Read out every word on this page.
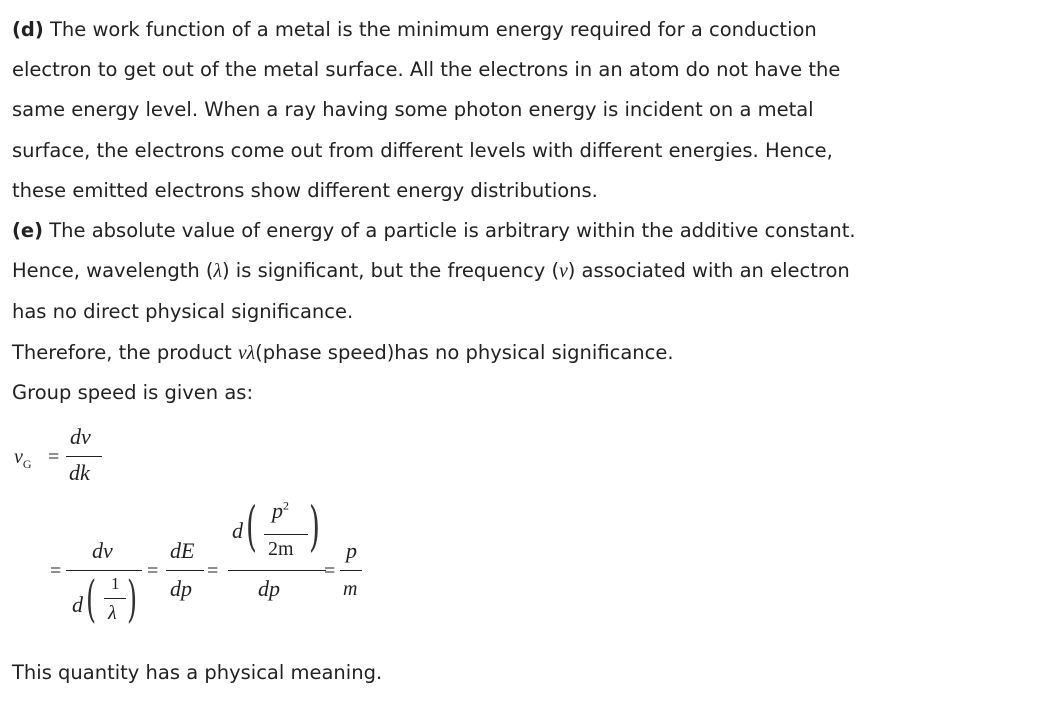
(d) The work function of a metal is the minimum energy required for a conduction
electron to get out of the metal surface. All the electrons in an atom do not have the
same energy level. When a ray having some photon energy is incident on a metal
surface, the electrons come out from different levels with different energies. Hence,
these emitted electrons show different energy distributions.
(e) The absolute value of energy of a particle is arbitrary within the additive constant.
Hence, wavelength (λ) is significant, but the frequency (ν) associated with an electron
has no direct physical significance.
Therefore, the product νλ(phase speed)has no physical significance.
Group speed is given as:
$v_G$ =
dv
dk
=
dv
d ( 1
λ )
=
dE
dp
=
d ( $p^2$
2m )
dp
=
p
m
This quantity has a physical meaning.
